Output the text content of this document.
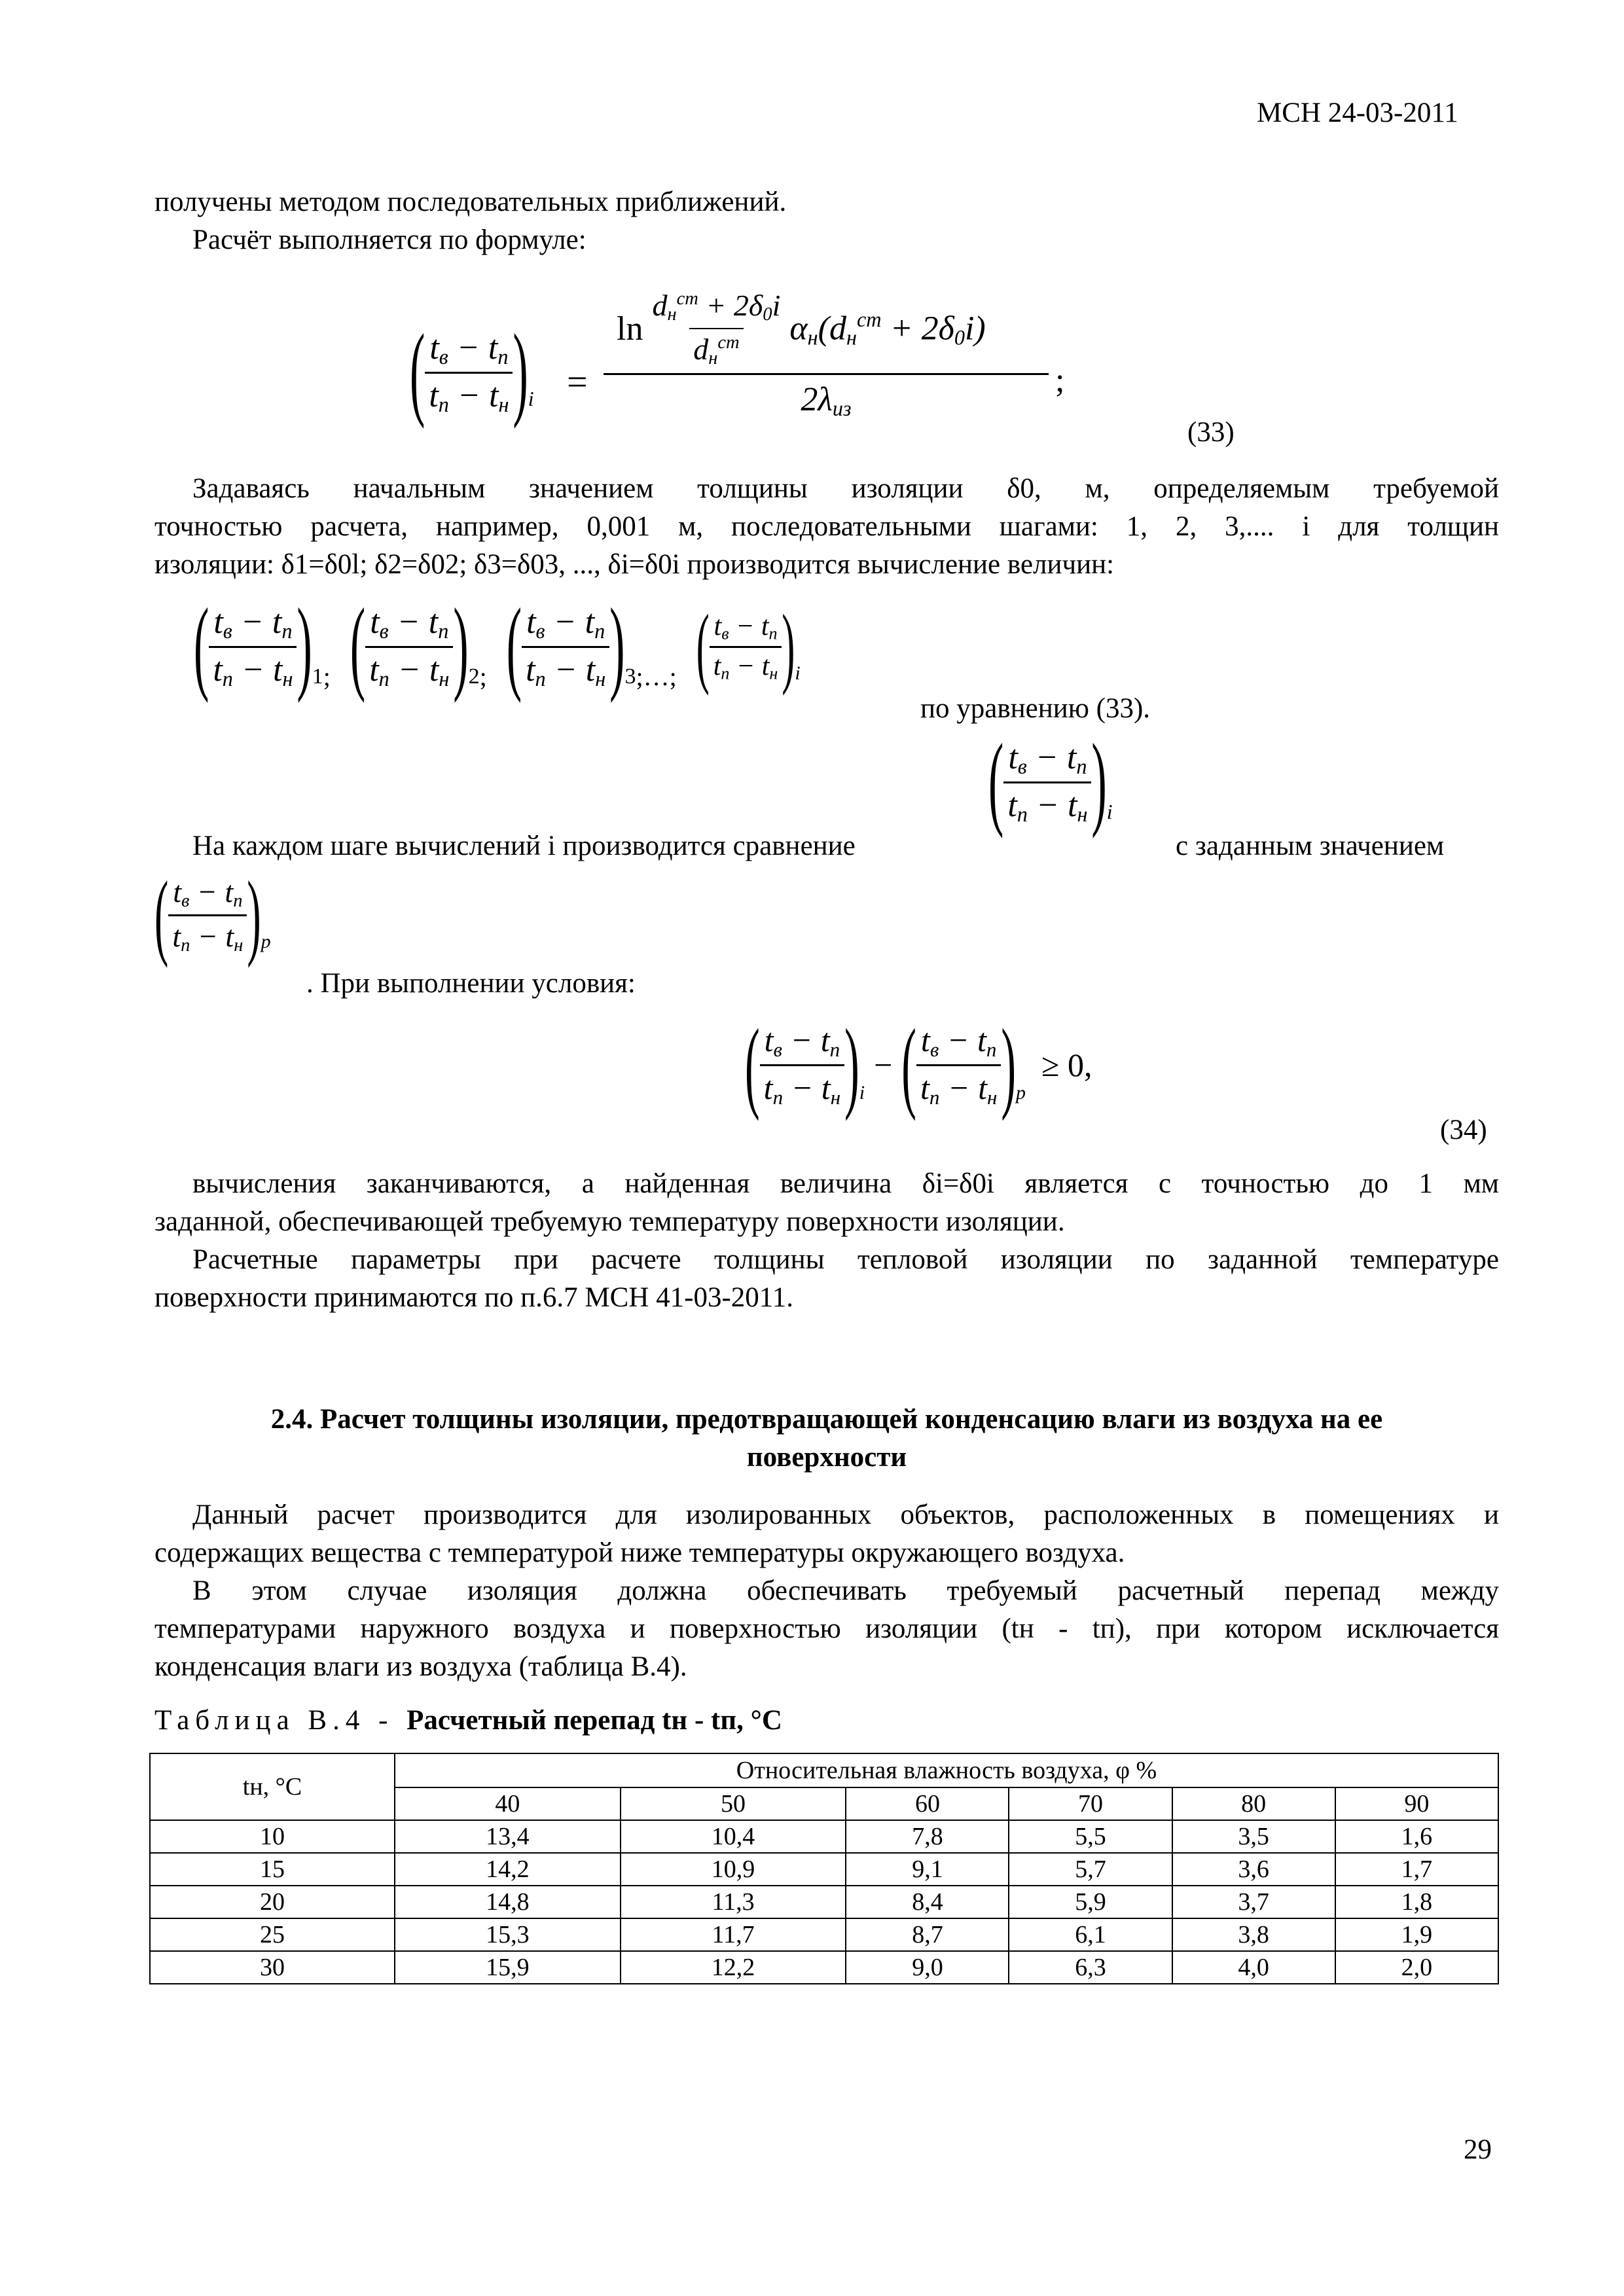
МСН 24-03-2011
получены методом последовательных приближений.
Расчёт выполняется по формуле:
( $\frac{t_в - t_п}{t_п - t_н}$ ) i =
$\ln \frac{d_н^{ст} + 2\delta_0i}{d_н^{ст}} \alpha_н(d_н^{ст} + 2\delta_0i)$
$2\lambda_{из}$
;
(33)
Задаваясь начальным значением толщины изоляции δ0, м, определяемым требуемой
точностью расчета, например, 0,001 м, последовательными шагами: 1, 2, 3,.... i для толщин
изоляции: δ1=δ0l; δ2=δ02; δ3=δ03, ..., δi=δ0i производится вычисление величин:
( $\frac{t_в - t_п}{t_п - t_н}$ ) 1 ; ( $\frac{t_в - t_п}{t_п - t_н}$ ) 2 ; ( $\frac{t_в - t_п}{t_п - t_н}$ ) 3 ;…; ( $\frac{t_в - t_п}{t_п - t_н}$ ) i
по уравнению (33).
( $\frac{t_в - t_п}{t_п - t_н}$ ) i
На каждом шаге вычислений i производится сравнение	с заданным значением
( $\frac{t_в - t_п}{t_п - t_н}$ ) p
. При выполнении условия:
( $\frac{t_в - t_п}{t_п - t_н}$ ) i
− ( $\frac{t_в - t_п}{t_п - t_н}$ ) p
≥ 0,
(34)
вычисления заканчиваются, а найденная величина δi=δ0i является с точностью до 1 мм
заданной, обеспечивающей требуемую температуру поверхности изоляции.
Расчетные параметры при расчете толщины тепловой изоляции по заданной температуре
поверхности принимаются по п.6.7 МСН 41-03-2011.
2.4. Расчет толщины изоляции, предотвращающей конденсацию влаги из воздуха на ее
поверхности
Данный расчет производится для изолированных объектов, расположенных в помещениях и
содержащих вещества с температурой ниже температуры окружающего воздуха.
В этом случае изоляция должна обеспечивать требуемый расчетный перепад между
температурами наружного воздуха и поверхностью изоляции (tн - tп), при котором исключается
конденсация влаги из воздуха (таблица В.4).
Таблица В.4 - Расчетный перепад tн - tп, °С
tн, °С	Относительная влажность воздуха, φ %					
	40	50	60	70	80	90
10	13,4	10,4	7,8	5,5	3,5	1,6
15	14,2	10,9	9,1	5,7	3,6	1,7
20	14,8	11,3	8,4	5,9	3,7	1,8
25	15,3	11,7	8,7	6,1	3,8	1,9
30	15,9	12,2	9,0	6,3	4,0	2,0
29
